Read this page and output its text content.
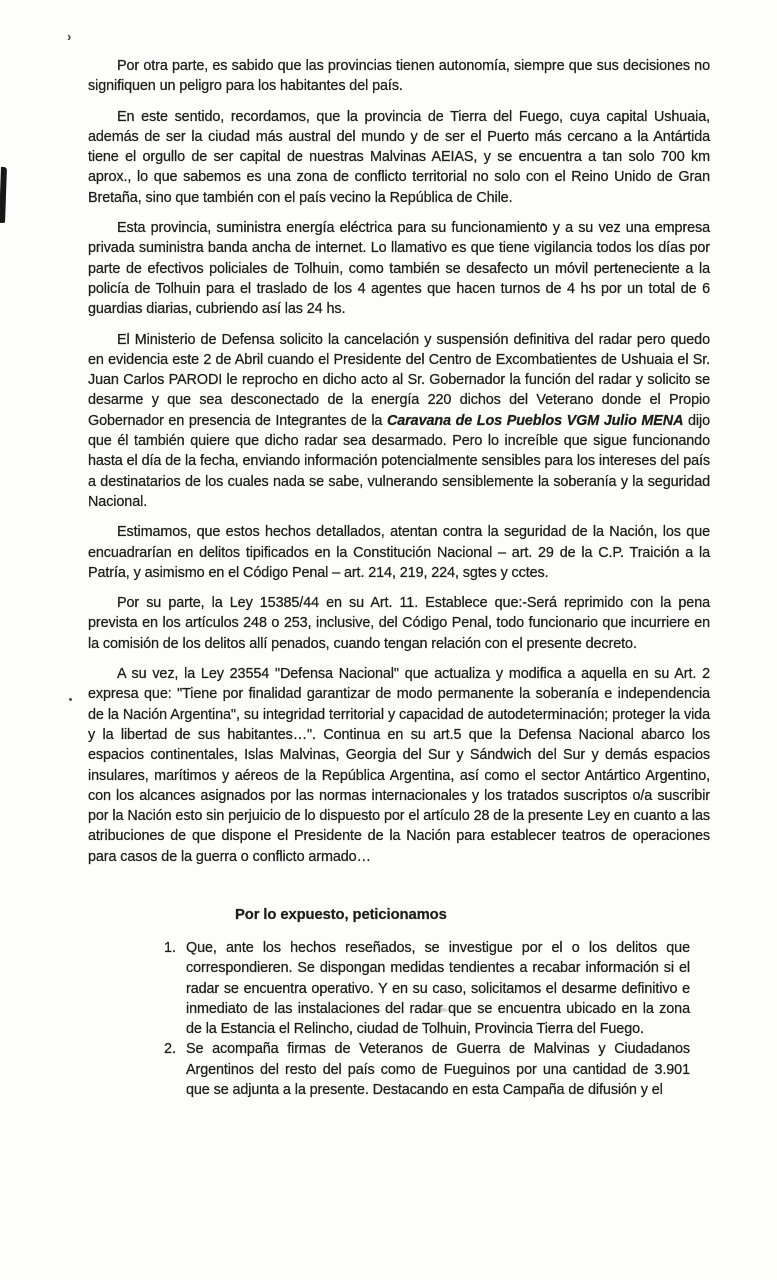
›

Por otra parte, es sabido que las provincias tienen autonomía, siempre que sus decisiones no signifiquen un peligro para los habitantes del país.

En este sentido, recordamos, que la provincia de Tierra del Fuego, cuya capital Ushuaia, además de ser la ciudad más austral del mundo y de ser el Puerto más cercano a la Antártida tiene el orgullo de ser capital de nuestras Malvinas AEIAS, y se encuentra a tan solo 700 km aprox., lo que sabemos es una zona de conflicto territorial no solo con el Reino Unido de Gran Bretaña, sino que también con el país vecino la República de Chile.

Esta provincia, suministra energía eléctrica para su funcionamiento y a su vez una empresa privada suministra banda ancha de internet. Lo llamativo es que tiene vigilancia todos los días por parte de efectivos policiales de Tolhuin, como también se desafecto un móvil perteneciente a la policía de Tolhuin para el traslado de los 4 agentes que hacen turnos de 4 hs por un total de 6 guardias diarias, cubriendo así las 24 hs.

El Ministerio de Defensa solicito la cancelación y suspensión definitiva del radar pero quedo en evidencia este 2 de Abril cuando el Presidente del Centro de Excombatientes de Ushuaia el Sr. Juan Carlos PARODI le reprocho en dicho acto al Sr. Gobernador la función del radar y solicito se desarme y que sea desconectado de la energía 220 dichos del Veterano donde el Propio Gobernador en presencia de Integrantes de la Caravana de Los Pueblos VGM Julio MENA dijo que él también quiere que dicho radar sea desarmado. Pero lo increíble que sigue funcionando hasta el día de la fecha, enviando información potencialmente sensibles para los intereses del país a destinatarios de los cuales nada se sabe, vulnerando sensiblemente la soberanía y la seguridad Nacional.

Estimamos, que estos hechos detallados, atentan contra la seguridad de la Nación, los que encuadrarían en delitos tipificados en la Constitución Nacional – art. 29 de la C.P. Traición a la Patría, y asimismo en el Código Penal – art. 214, 219, 224, sgtes y cctes.

Por su parte, la Ley 15385/44 en su Art. 11. Establece que:-Será reprimido con la pena prevista en los artículos 248 o 253, inclusive, del Código Penal, todo funcionario que incurriere en la comisión de los delitos allí penados, cuando tengan relación con el presente decreto.

A su vez, la Ley 23554 "Defensa Nacional" que actualiza y modifica a aquella en su Art. 2 expresa que: "Tiene por finalidad garantizar de modo permanente la soberanía e independencia de la Nación Argentina", su integridad territorial y capacidad de autodeterminación; proteger la vida y la libertad de sus habitantes…". Continua en su art.5 que la Defensa Nacional abarco los espacios continentales, Islas Malvinas, Georgia del Sur y Sándwich del Sur y demás espacios insulares, marítimos y aéreos de la República Argentina, así como el sector Antártico Argentino, con los alcances asignados por las normas internacionales y los tratados suscriptos o/a suscribir por la Nación esto sin perjuicio de lo dispuesto por el artículo 28 de la presente Ley en cuanto a las atribuciones de que dispone el Presidente de la Nación para establecer teatros de operaciones para casos de la guerra o conflicto armado…

Por lo expuesto, peticionamos
1. Que, ante los hechos reseñados, se investigue por el o los delitos que correspondieren. Se dispongan medidas tendientes a recabar información si el radar se encuentra operativo. Y en su caso, solicitamos el desarme definitivo e inmediato de las instalaciones del radar que se encuentra ubicado en la zona de la Estancia el Relincho, ciudad de Tolhuin, Provincia Tierra del Fuego.
2. Se acompaña firmas de Veteranos de Guerra de Malvinas y Ciudadanos Argentinos del resto del país como de Fueguinos por una cantidad de 3.901 que se adjunta a la presente. Destacando en esta Campaña de difusión y el
